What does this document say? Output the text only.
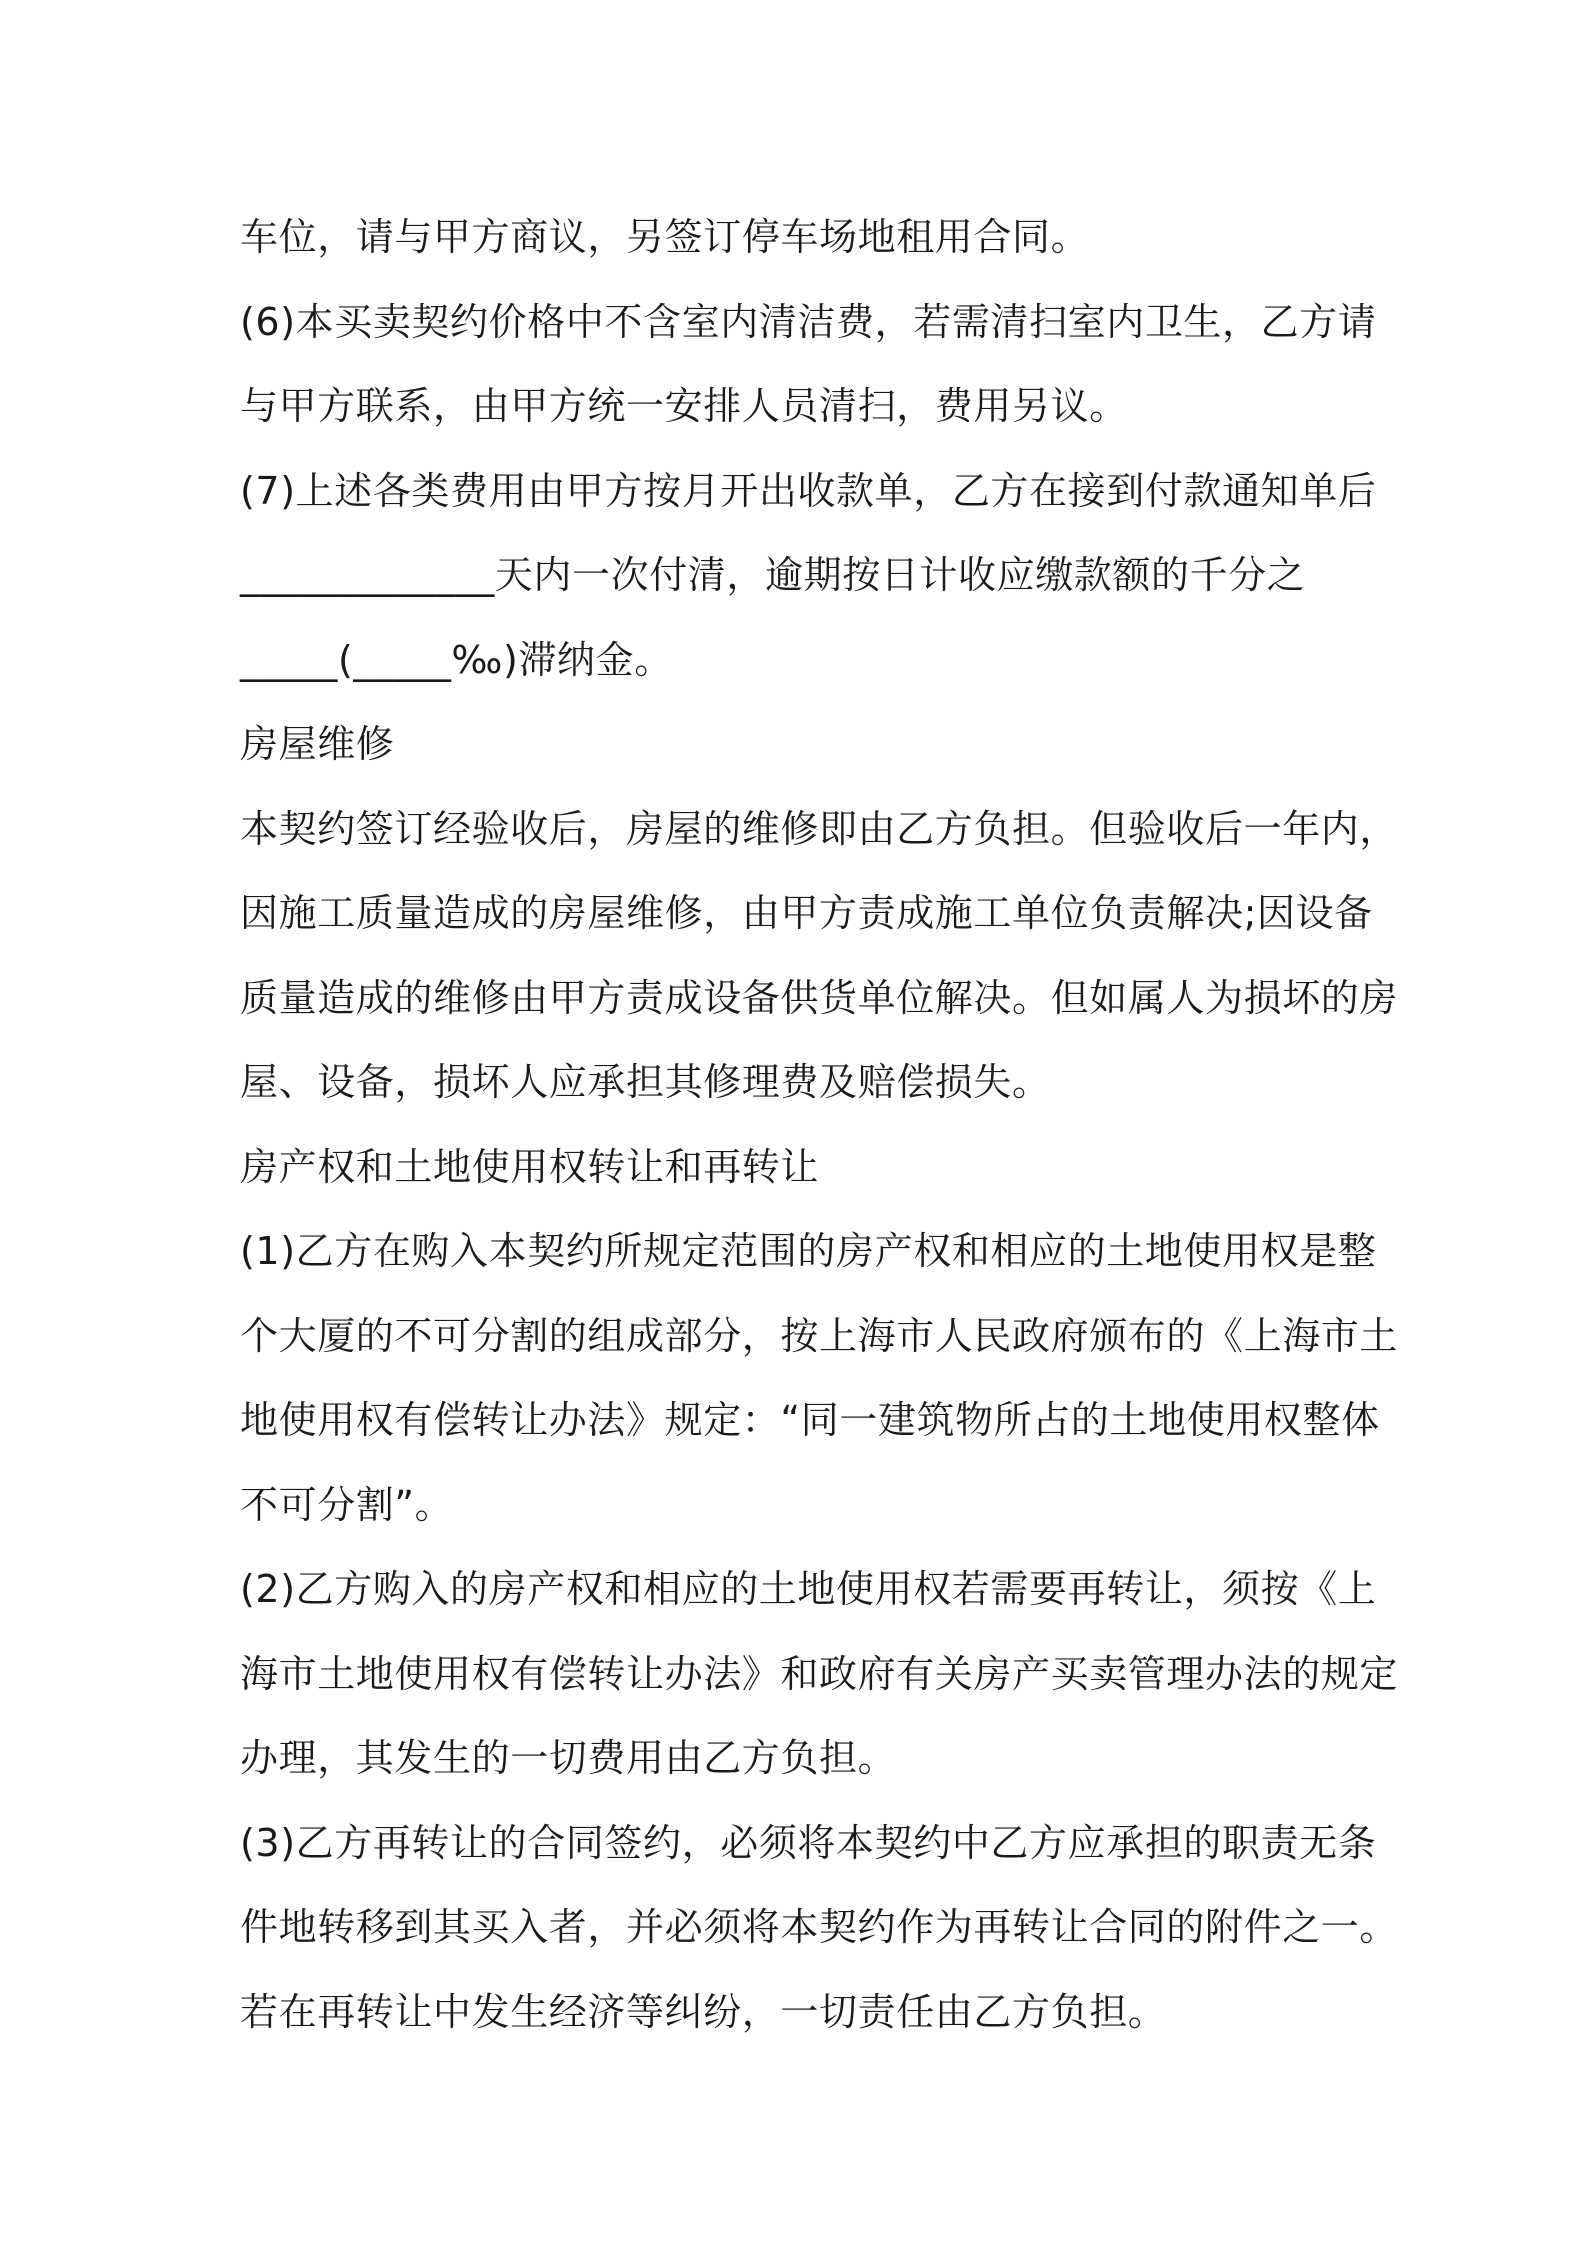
车位，请与甲方商议，另签订停车场地租用合同。
(6)本买卖契约价格中不含室内清洁费，若需清扫室内卫生，乙方请
与甲方联系，由甲方统一安排人员清扫，费用另议。
(7)上述各类费用由甲方按月开出收款单，乙方在接到付款通知单后
_____________天内一次付清，逾期按日计收应缴款额的千分之
_____(_____‰)滞纳金。
房屋维修
本契约签订经验收后，房屋的维修即由乙方负担。但验收后一年内，
因施工质量造成的房屋维修，由甲方责成施工单位负责解决;因设备
质量造成的维修由甲方责成设备供货单位解决。但如属人为损坏的房
屋、设备，损坏人应承担其修理费及赔偿损失。
房产权和土地使用权转让和再转让
(1)乙方在购入本契约所规定范围的房产权和相应的土地使用权是整
个大厦的不可分割的组成部分，按上海市人民政府颁布的《上海市土
地使用权有偿转让办法》规定：“同一建筑物所占的土地使用权整体
不可分割”。
(2)乙方购入的房产权和相应的土地使用权若需要再转让，须按《上
海市土地使用权有偿转让办法》和政府有关房产买卖管理办法的规定
办理，其发生的一切费用由乙方负担。
(3)乙方再转让的合同签约，必须将本契约中乙方应承担的职责无条
件地转移到其买入者，并必须将本契约作为再转让合同的附件之一。
若在再转让中发生经济等纠纷，一切责任由乙方负担。
